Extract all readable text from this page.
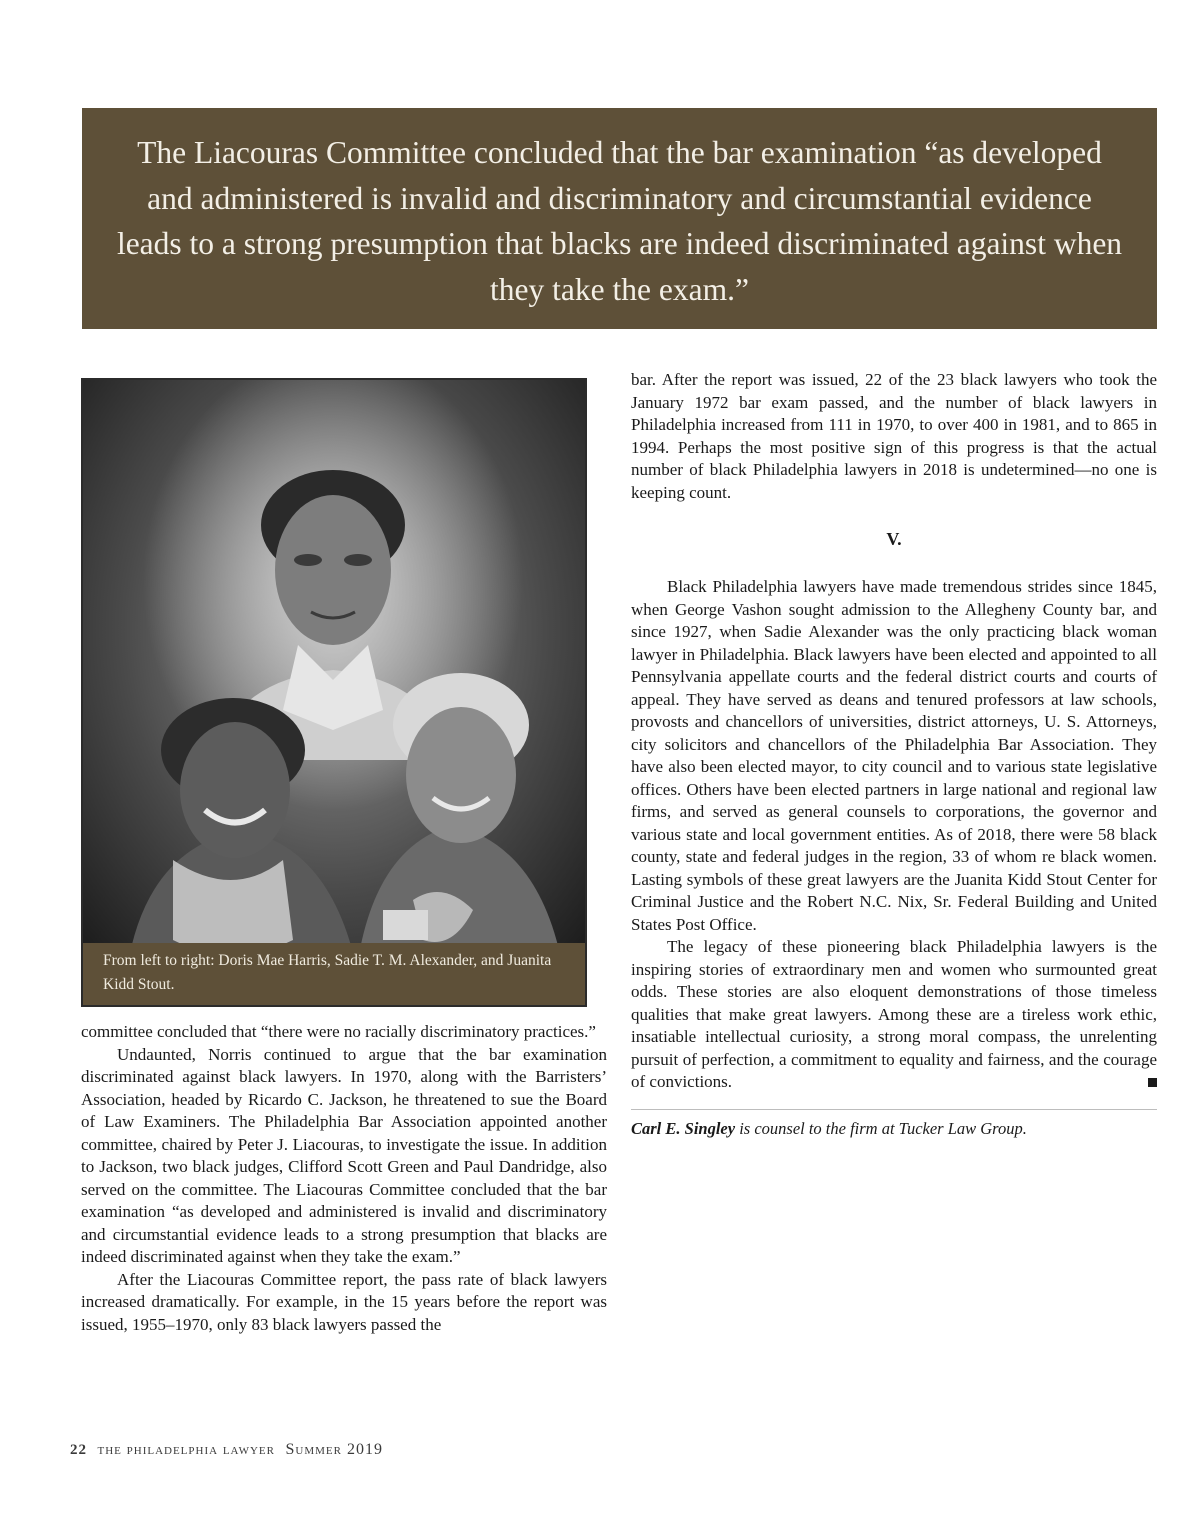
The Liacouras Committee concluded that the bar examination “as developed and administered is invalid and discriminatory and circumstantial evidence leads to a strong presumption that blacks are indeed discriminated against when they take the exam.”
From left to right: Doris Mae Harris, Sadie T. M. Alexander, and Juanita Kidd Stout.

committee concluded that “there were no racially discriminatory practices.”

Undaunted, Norris continued to argue that the bar examination discriminated against black lawyers. In 1970, along with the Barristers’ Association, headed by Ricardo C. Jackson, he threatened to sue the Board of Law Examiners. The Philadelphia Bar Association appointed another committee, chaired by Peter J. Liacouras, to investigate the issue. In addition to Jackson, two black judges, Clifford Scott Green and Paul Dandridge, also served on the committee. The Liacouras Committee concluded that the bar examination “as developed and administered is invalid and discriminatory and circumstantial evidence leads to a strong presumption that blacks are indeed discriminated against when they take the exam.”

After the Liacouras Committee report, the pass rate of black lawyers increased dramatically. For example, in the 15 years before the report was issued, 1955–1970, only 83 black lawyers passed the

bar. After the report was issued, 22 of the 23 black lawyers who took the January 1972 bar exam passed, and the number of black lawyers in Philadelphia increased from 111 in 1970, to over 400 in 1981, and to 865 in 1994. Perhaps the most positive sign of this progress is that the actual number of black Philadelphia lawyers in 2018 is undetermined—no one is keeping count.

V.

Black Philadelphia lawyers have made tremendous strides since 1845, when George Vashon sought admission to the Allegheny County bar, and since 1927, when Sadie Alexander was the only practicing black woman lawyer in Philadelphia. Black lawyers have been elected and appointed to all Pennsylvania appellate courts and the federal district courts and courts of appeal. They have served as deans and tenured professors at law schools, provosts and chancellors of universities, district attorneys, U. S. Attorneys, city solicitors and chancellors of the Philadelphia Bar Association. They have also been elected mayor, to city council and to various state legislative offices. Others have been elected partners in large national and regional law firms, and served as general counsels to corporations, the governor and various state and local government entities. As of 2018, there were 58 black county, state and federal judges in the region, 33 of whom re black women. Lasting symbols of these great lawyers are the Juanita Kidd Stout Center for Criminal Justice and the Robert N.C. Nix, Sr. Federal Building and United States Post Office.

The legacy of these pioneering black Philadelphia lawyers is the inspiring stories of extraordinary men and women who surmounted great odds. These stories are also eloquent demonstrations of those timeless qualities that make great lawyers. Among these are a tireless work ethic, insatiable intellectual curiosity, a strong moral compass, the unrelenting pursuit of perfection, a commitment to equality and fairness, and the courage of convictions.

Carl E. Singley is counsel to the firm at Tucker Law Group.

22 the philadelphia lawyer Summer 2019
